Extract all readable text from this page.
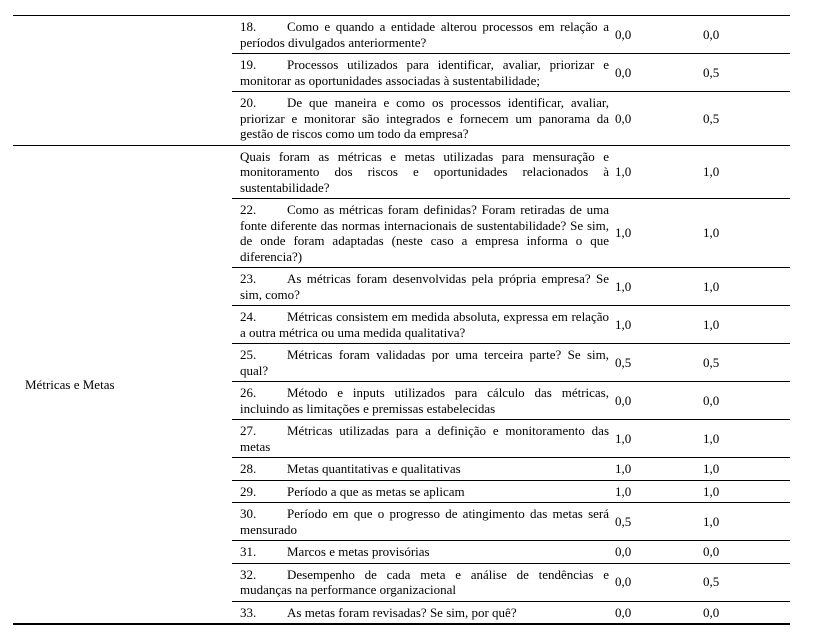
	18. Como e quando a entidade alterou processos em relação a períodos divulgados anteriormente?	0,0	0,0
	19. Processos utilizados para identificar, avaliar, priorizar e monitorar as oportunidades associadas à sustentabilidade;	0,0	0,5
	20. De que maneira e como os processos identificar, avaliar, priorizar e monitorar são integrados e fornecem um panorama da gestão de riscos como um todo da empresa?	0,0	0,5
Métricas e Metas	Quais foram as métricas e metas utilizadas para mensuração e monitoramento dos riscos e oportunidades relacionados à sustentabilidade?	1,0	1,0
	22. Como as métricas foram definidas? Foram retiradas de uma fonte diferente das normas internacionais de sustentabilidade? Se sim, de onde foram adaptadas (neste caso a empresa informa o que diferencia?)	1,0	1,0
	23. As métricas foram desenvolvidas pela própria empresa? Se sim, como?	1,0	1,0
	24. Métricas consistem em medida absoluta, expressa em relação a outra métrica ou uma medida qualitativa?	1,0	1,0
	25. Métricas foram validadas por uma terceira parte? Se sim, qual?	0,5	0,5
	26. Método e inputs utilizados para cálculo das métricas, incluindo as limitações e premissas estabelecidas	0,0	0,0
	27. Métricas utilizadas para a definição e monitoramento das metas	1,0	1,0
	28. Metas quantitativas e qualitativas	1,0	1,0
	29. Período a que as metas se aplicam	1,0	1,0
	30. Período em que o progresso de atingimento das metas será mensurado	0,5	1,0
	31. Marcos e metas provisórias	0,0	0,0
	32. Desempenho de cada meta e análise de tendências e mudanças na performance organizacional	0,0	0,5
	33. As metas foram revisadas? Se sim, por quê?	0,0	0,0
